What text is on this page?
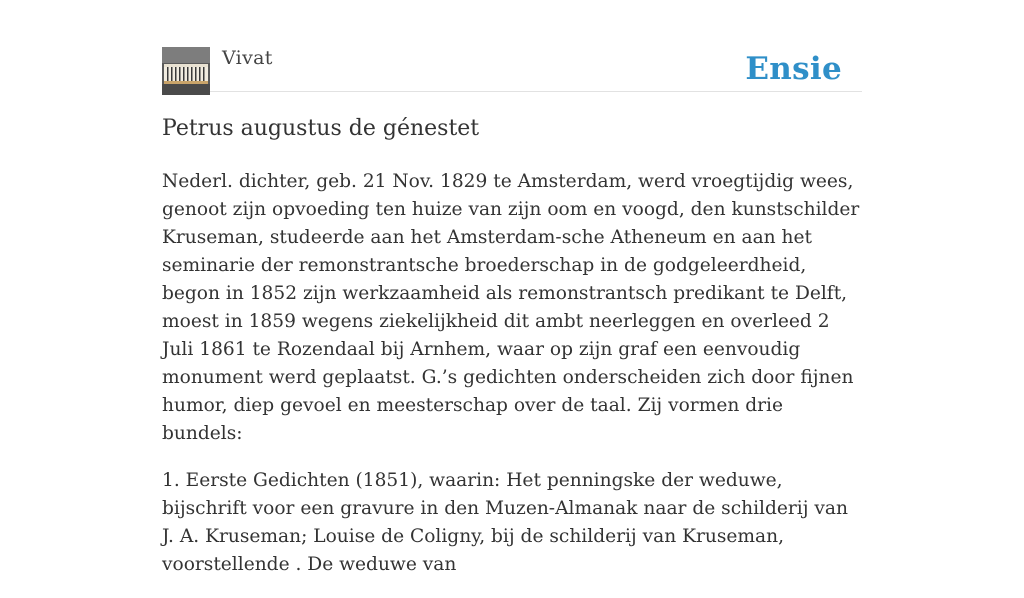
Vivat	Ensie
Petrus augustus de génestet

Nederl. dichter, geb. 21 Nov. 1829 te Amsterdam, werd vroegtijdig wees, genoot zijn opvoeding ten huize van zijn oom en voogd, den kunstschilder Kruseman, studeerde aan het Amsterdam-sche Atheneum en aan het seminarie der remonstrantsche broederschap in de godgeleerdheid, begon in 1852 zijn werkzaamheid als remonstrantsch predikant te Delft, moest in 1859 wegens ziekelijkheid dit ambt neerleggen en overleed 2 Juli 1861 te Rozendaal bij Arnhem, waar op zijn graf een eenvoudig monument werd geplaatst. G.’s gedichten onderscheiden zich door fijnen humor, diep gevoel en meesterschap over de taal. Zij vormen drie bundels:

1. Eerste Gedichten (1851), waarin: Het penningske der weduwe, bijschrift voor een gravure in den Muzen-Almanak naar de schilderij van J. A. Kruseman; Louise de Coligny, bij de schilderij van Kruseman, voorstellende . De weduwe van
